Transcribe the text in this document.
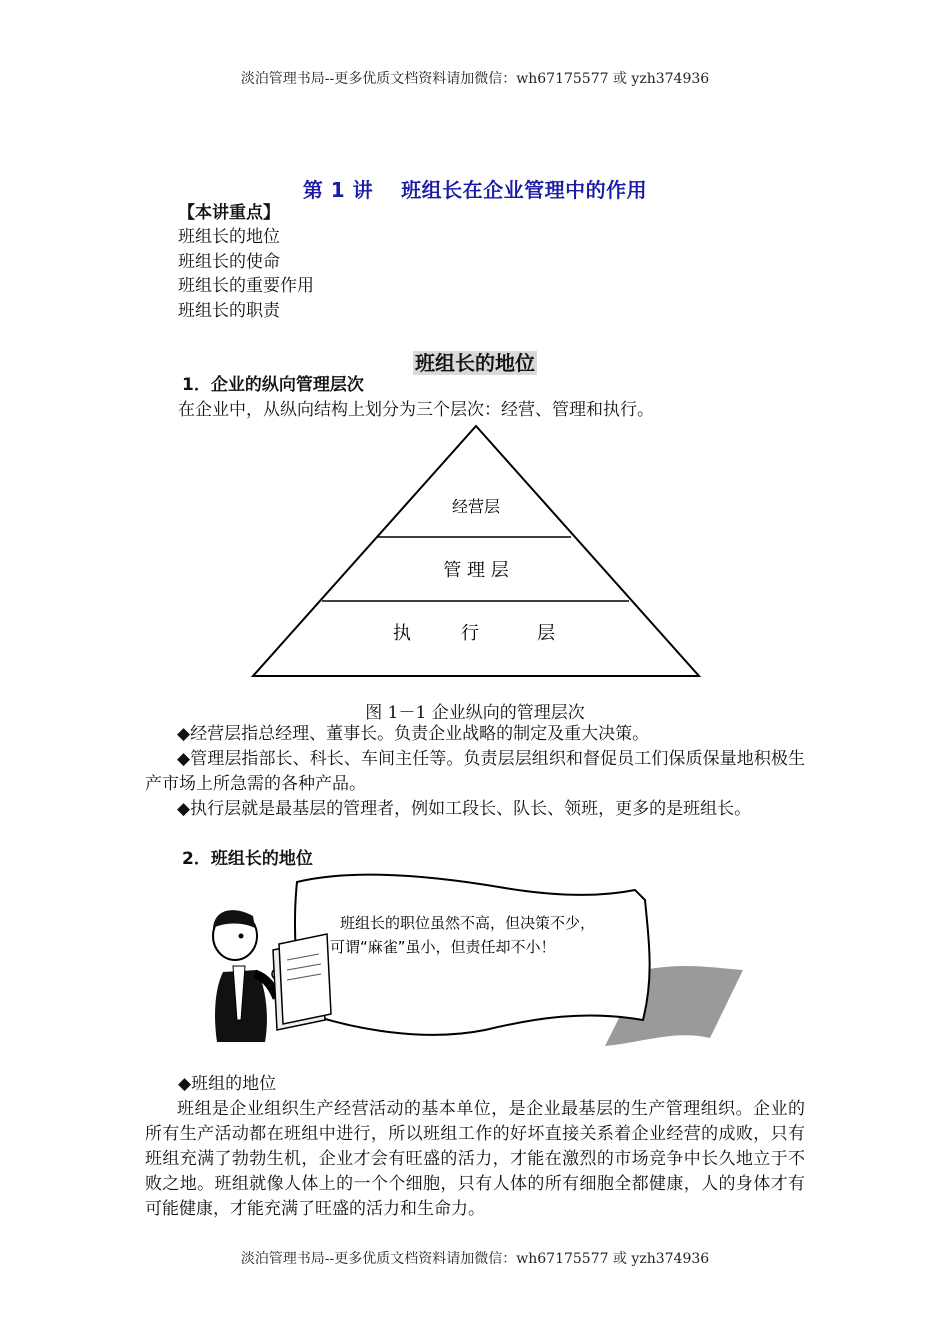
淡泊管理书局--更多优质文档资料请加微信：wh67175577 或 yzh374936
第 1 讲 班组长在企业管理中的作用
【本讲重点】
班组长的地位
班组长的使命
班组长的重要作用
班组长的职责
班组长的地位
1．企业的纵向管理层次
在企业中，从纵向结构上划分为三个层次：经营、管理和执行。
经营层
管 理 层
执	行	层
图 1－1 企业纵向的管理层次
◆经营层指总经理、董事长。负责企业战略的制定及重大决策。
◆管理层指部长、科长、车间主任等。负责层层组织和督促员工们保质保量地积极生产市场上所急需的各种产品。
◆执行层就是最基层的管理者，例如工段长、队长、领班，更多的是班组长。
2．班组长的地位
班组长的职位虽然不高，但决策不少，
可谓“麻雀”虽小，但责任却不小！
◆班组的地位
班组是企业组织生产经营活动的基本单位，是企业最基层的生产管理组织。企业的所有生产活动都在班组中进行，所以班组工作的好坏直接关系着企业经营的成败，只有班组充满了勃勃生机，企业才会有旺盛的活力，才能在激烈的市场竞争中长久地立于不败之地。班组就像人体上的一个个细胞，只有人体的所有细胞全都健康，人的身体才有可能健康，才能充满了旺盛的活力和生命力。
淡泊管理书局--更多优质文档资料请加微信：wh67175577 或 yzh374936
